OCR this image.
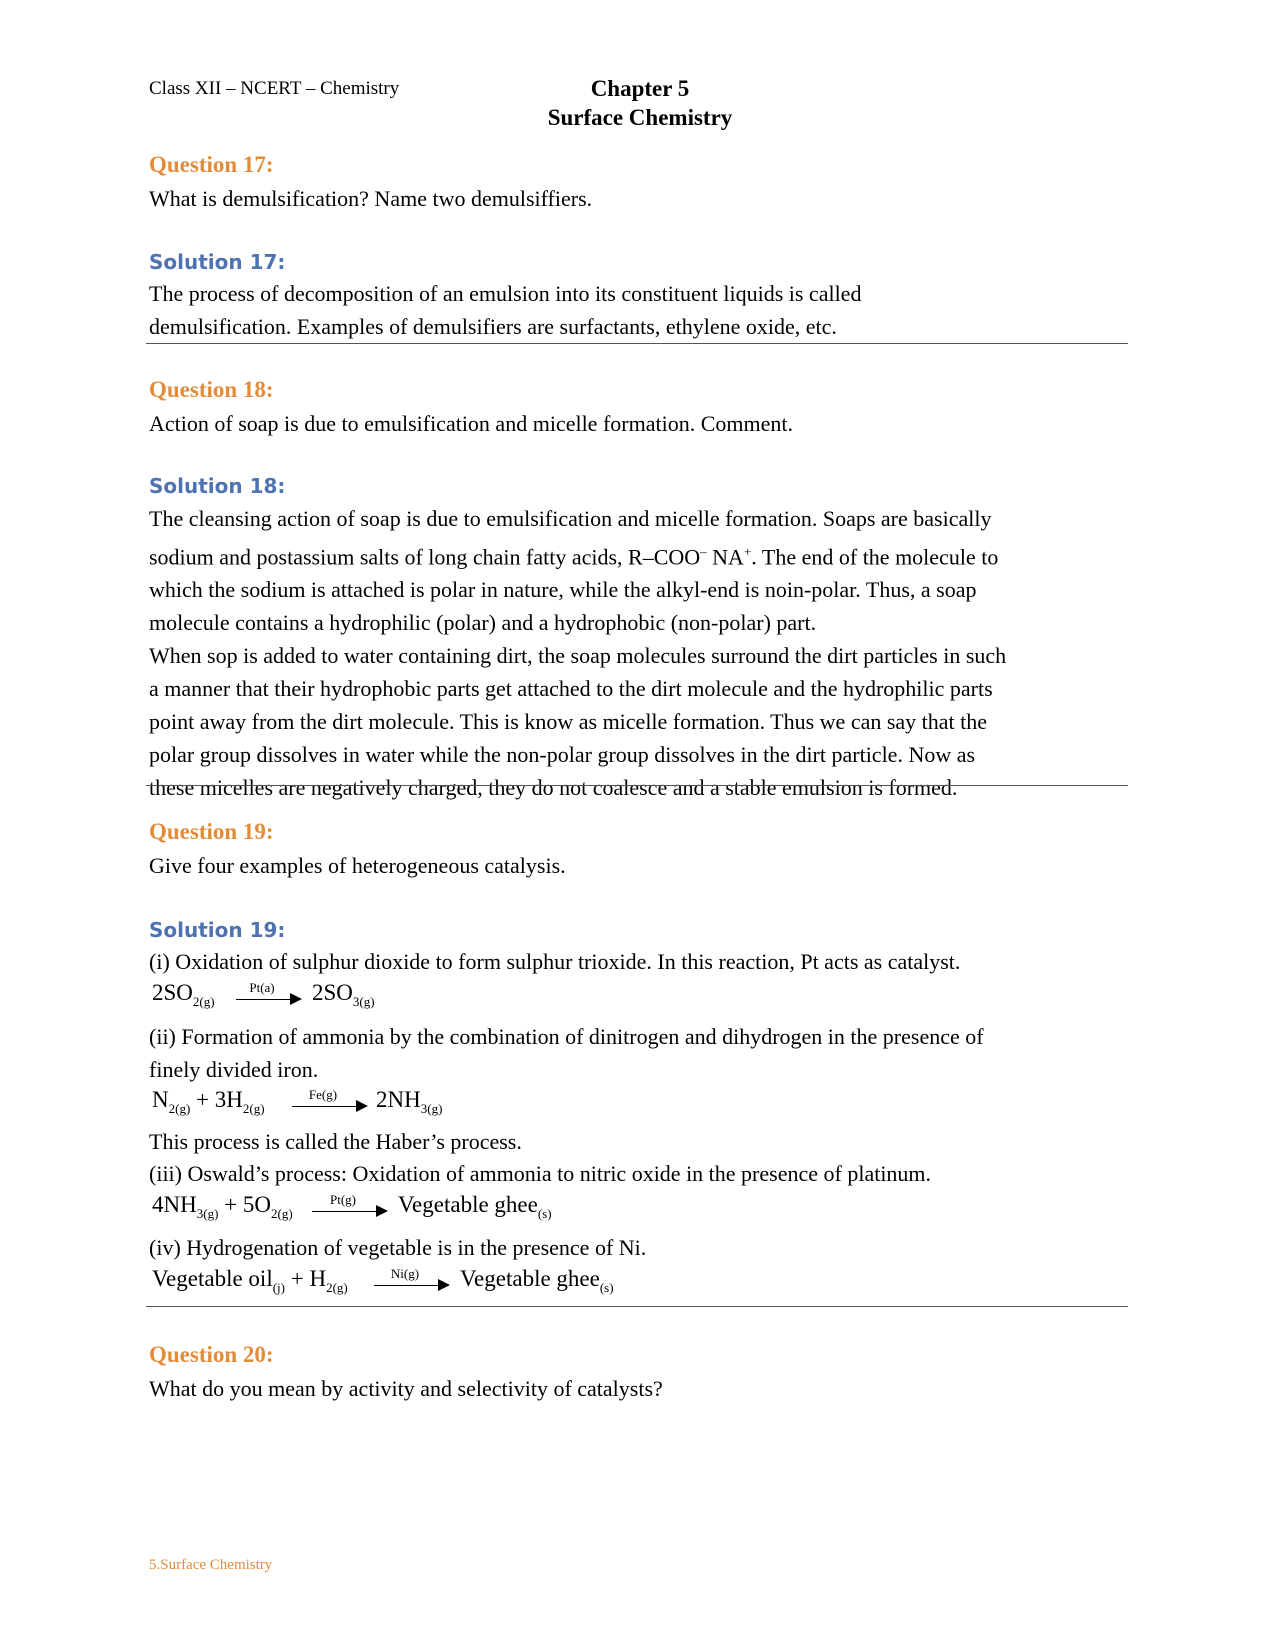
Class XII – NCERT – Chemistry	Chapter 5
Surface Chemistry
Question 17:
What is demulsification? Name two demulsiffiers.
Solution 17:
The process of decomposition of an emulsion into its constituent liquids is called
demulsification. Examples of demulsifiers are surfactants, ethylene oxide, etc.
Question 18:
Action of soap is due to emulsification and micelle formation. Comment.
Solution 18:
The cleansing action of soap is due to emulsification and micelle formation. Soaps are basically
sodium and postassium salts of long chain fatty acids, R–COO– NA+. The end of the molecule to
which the sodium is attached is polar in nature, while the alkyl-end is noin-polar. Thus, a soap
molecule contains a hydrophilic (polar) and a hydrophobic (non-polar) part.
When sop is added to water containing dirt, the soap molecules surround the dirt particles in such
a manner that their hydrophobic parts get attached to the dirt molecule and the hydrophilic parts
point away from the dirt molecule. This is know as micelle formation. Thus we can say that the
polar group dissolves in water while the non-polar group dissolves in the dirt particle. Now as
these micelles are negatively charged, they do not coalesce and a stable emulsion is formed.
Question 19:
Give four examples of heterogeneous catalysis.
Solution 19:
(i) Oxidation of sulphur dioxide to form sulphur trioxide. In this reaction, Pt acts as catalyst.
$2SO_{2(g)}$
Pt(a)	$2SO_{3(g)}$
(ii) Formation of ammonia by the combination of dinitrogen and dihydrogen in the presence of
finely divided iron.
$N_{2(g)} + 3H_{2(g)}$
Fe(g)	$2NH_{3(g)}$
This process is called the Haber’s process.
(iii) Oswald’s process: Oxidation of ammonia to nitric oxide in the presence of platinum.
$4NH_{3(g)} + 5O_{2(g)}$
Pt(g)	Vegetable ghee$_{(s)}$
(iv) Hydrogenation of vegetable is in the presence of Ni.
Vegetable $oil_{(j)} + H_{2(g)}$
Ni(g)	Vegetable ghee$_{(s)}$
Question 20:
What do you mean by activity and selectivity of catalysts?
5.Surface Chemistry
